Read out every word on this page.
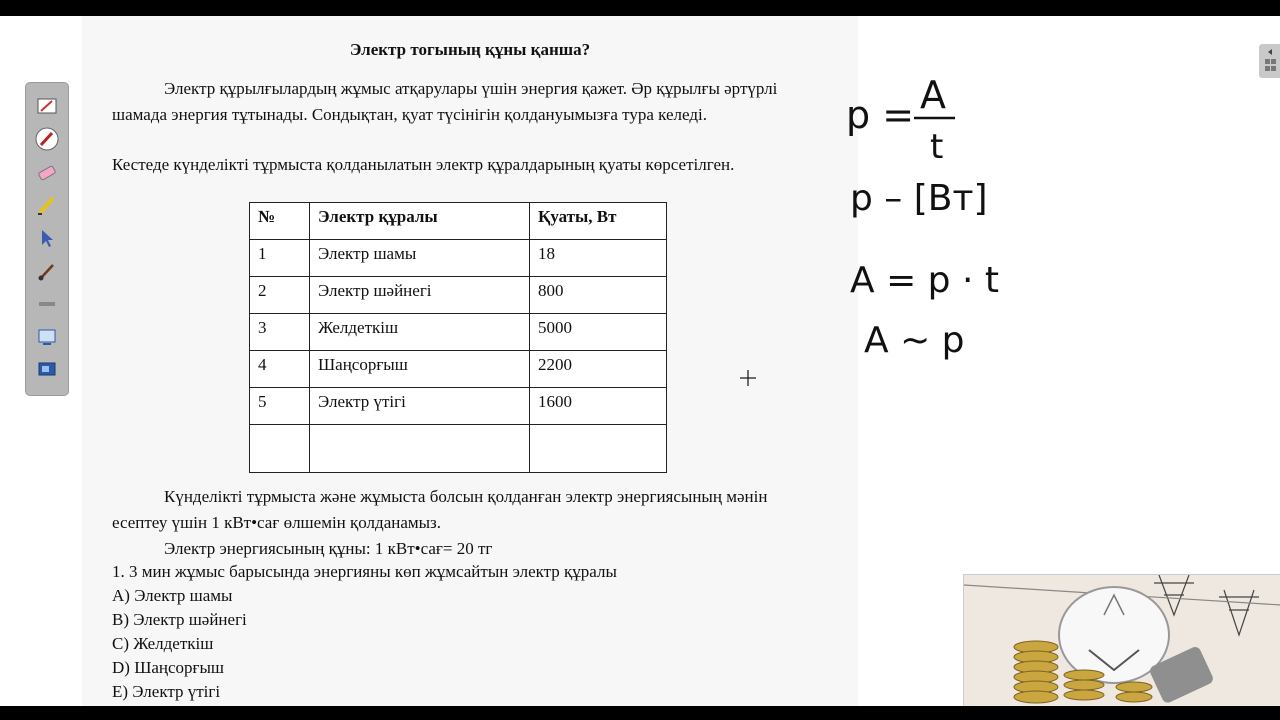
Электр тогының құны қанша?
Электр құрылғылардың жұмыс атқарулары үшін энергия қажет. Әр құрылғы әртүрлі шамада энергия тұтынады. Сондықтан, қуат түсінігін қолдануымызға тура келеді.
Кестеде күнделікті тұрмыста қолданылатын электр құралдарының қуаты көрсетілген.
№	Электр құралы	Қуаты, Вт
1	Электр шамы	18
2	Электр шәйнегі	800
3	Желдеткіш	5000
4	Шаңсорғыш	2200
5	Электр үтігі	1600

Күнделікті тұрмыста және жұмыста болсын қолданған электр энергиясының мәнін есептеу үшін 1 кВт•сағ өлшемін қолданамыз.
Электр энергиясының құны: 1 кВт•сағ= 20 тг
1. 3 мин жұмыс барысында энергияны көп жұмсайтын электр құралы
А) Электр шамы
В) Электр шәйнегі
С) Желдеткіш
D) Шаңсорғыш
Е) Электр үтігі
p = A
t
p – [Вт]
A = p · t
A ~ p
